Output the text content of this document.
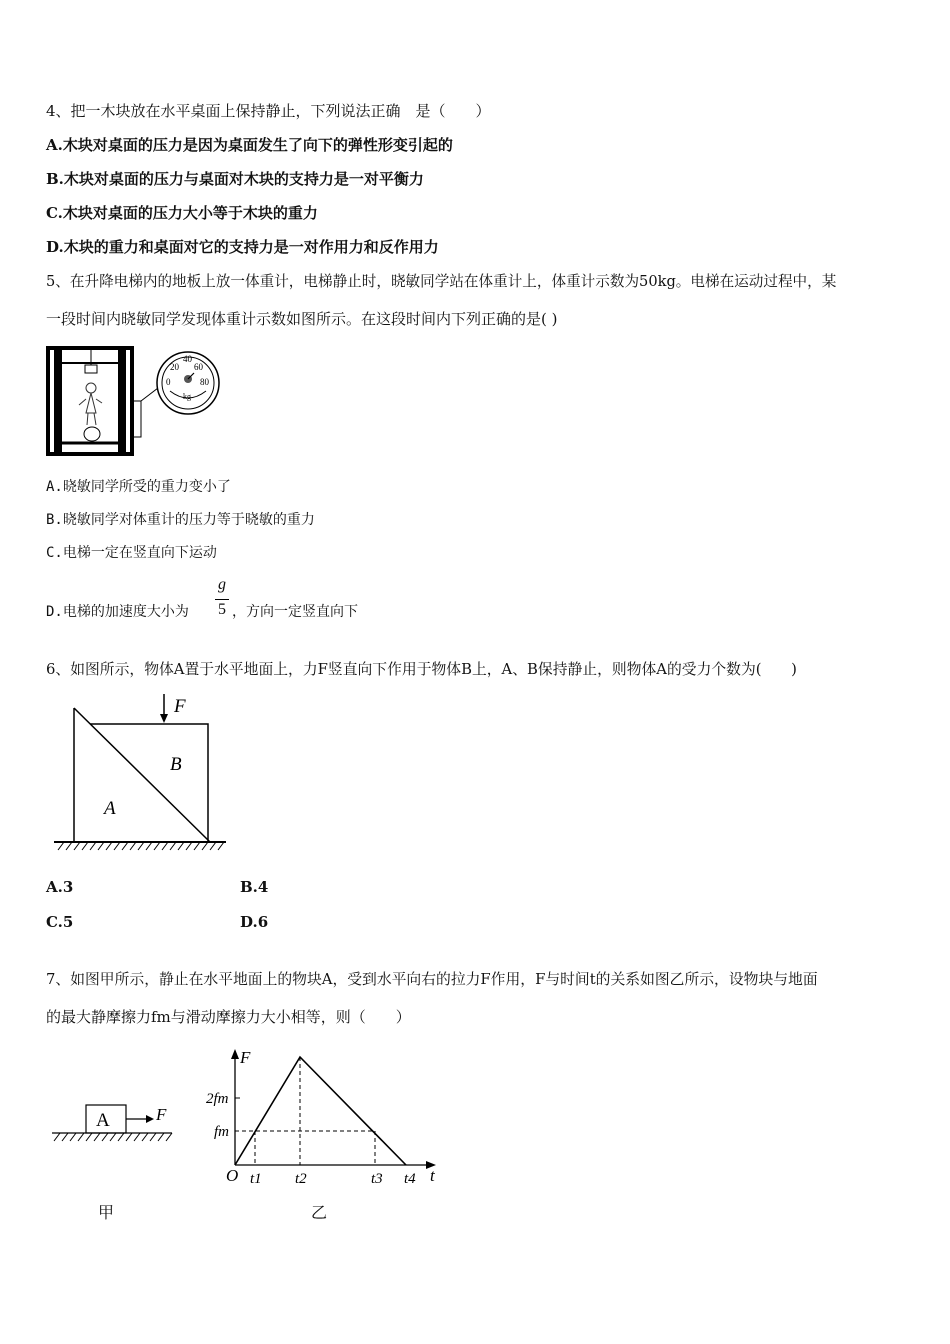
4、把一木块放在水平桌面上保持静止，下列说法正确　是（　　）
A.木块对桌面的压力是因为桌面发生了向下的弹性形变引起的
B.木块对桌面的压力与桌面对木块的支持力是一对平衡力
C.木块对桌面的压力大小等于木块的重力
D.木块的重力和桌面对它的支持力是一对作用力和反作用力
5、在升降电梯内的地板上放一体重计，电梯静止时，晓敏同学站在体重计上，体重计示数为50kg。电梯在运动过程中，某
一段时间内晓敏同学发现体重计示数如图所示。在这段时间内下列正确的是( )
40
20 60
0	80
kg
A.晓敏同学所受的重力变小了
B.晓敏同学对体重计的压力等于晓敏的重力
C.电梯一定在竖直向下运动
D.电梯的加速度大小为
g
5 ，方向一定竖直向下
6、如图所示，物体A置于水平地面上，力F竖直向下作用于物体B上，A、B保持静止，则物体A的受力个数为(　　)
F
B
A
A.3	B.4
C.5	D.6
7、如图甲所示，静止在水平地面上的物块A，受到水平向右的拉力F作用，F与时间t的关系如图乙所示，设物块与地面
的最大静摩擦力fm与滑动摩擦力大小相等，则（　　）
A	F
甲
F
t
O
2fm
fm
t1 t2	t3 t4
乙
